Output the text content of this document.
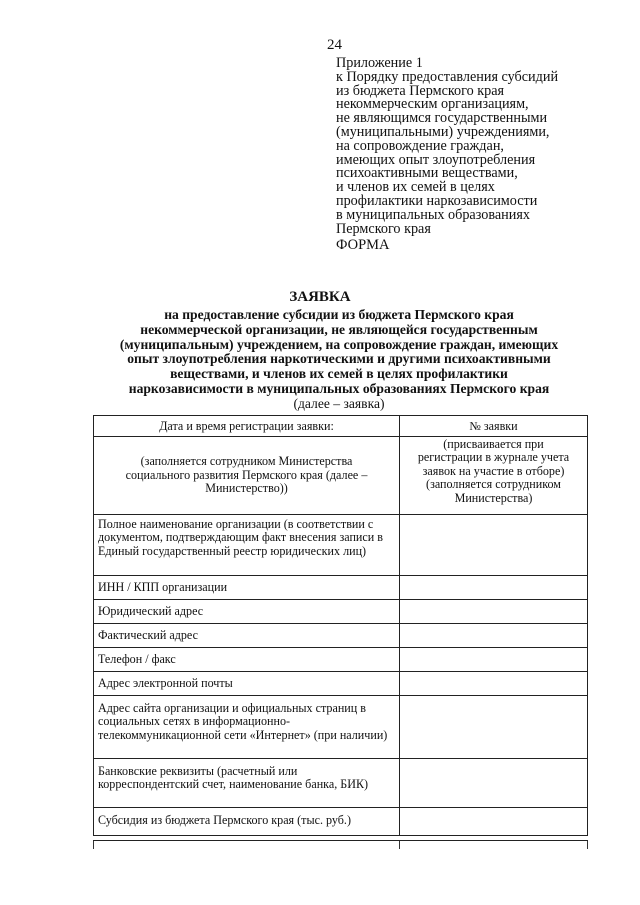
24
Приложение 1
к Порядку предоставления субсидий
из бюджета Пермского края
некоммерческим организациям,
не являющимся государственными
(муниципальными) учреждениями,
на сопровождение граждан,
имеющих опыт злоупотребления
психоактивными веществами,
и членов их семей в целях
профилактики наркозависимости
в муниципальных образованиях
Пермского края
ФОРМА
ЗАЯВКА
на предоставление субсидии из бюджета Пермского края
некоммерческой организации, не являющейся государственным
(муниципальным) учреждением, на сопровождение граждан, имеющих
опыт злоупотребления наркотическими и другими психоактивными
веществами, и членов их семей в целях профилактики
наркозависимости в муниципальных образованиях Пермского края
(далее – заявка)
Дата и время регистрации заявки:	№ заявки
(заполняется сотрудником Министерства социального развития Пермского края (далее – Министерство))	(присваивается при регистрации в журнале учета заявок на участие в отборе) (заполняется сотрудником Министерства)
Полное наименование организации (в соответствии с документом, подтверждающим факт внесения записи в Единый государственный реестр юридических лиц)	
ИНН / КПП организации	
Юридический адрес	
Фактический адрес	
Телефон / факс	
Адрес электронной почты	
Адрес сайта организации и официальных страниц в социальных сетях в информационно-телекоммуникационной сети «Интернет» (при наличии)	
Банковские реквизиты (расчетный или корреспондентский счет, наименование банка, БИК)	
Субсидия из бюджета Пермского края (тыс. руб.)	
